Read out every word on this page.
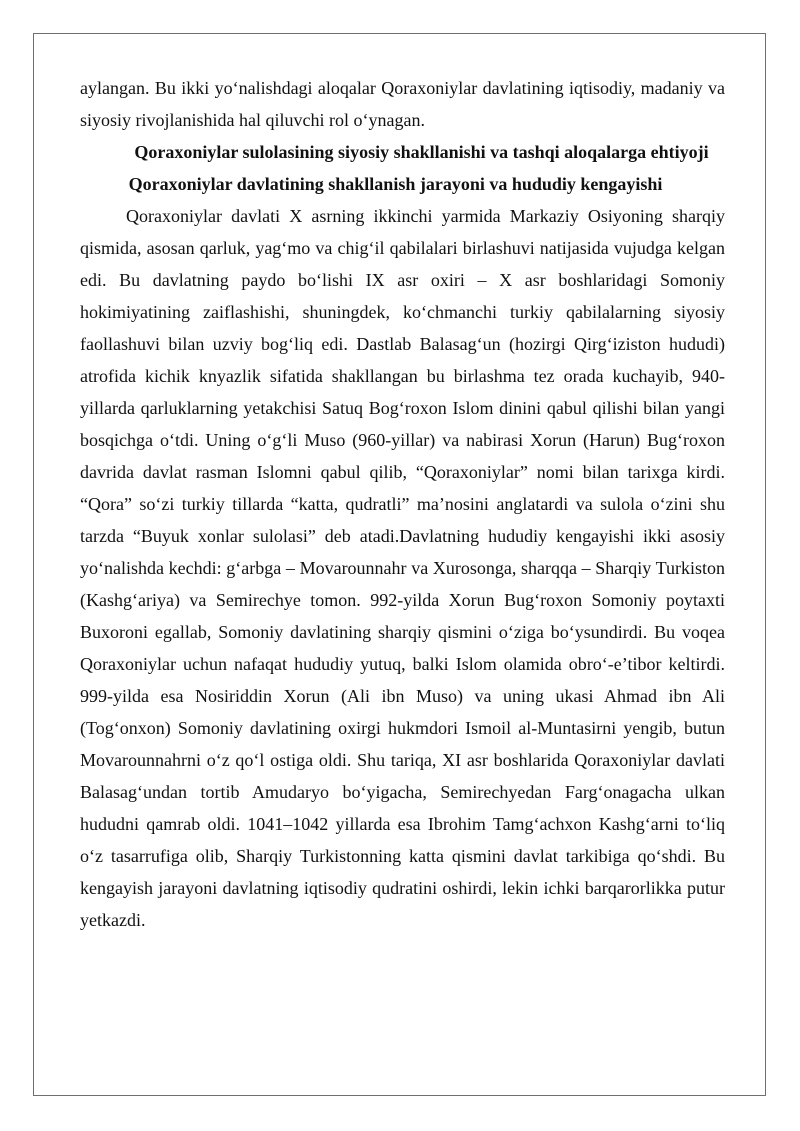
aylangan. Bu ikki yo‘nalishdagi aloqalar Qoraxoniylar davlatining iqtisodiy, madaniy va siyosiy rivojlanishida hal qiluvchi rol o‘ynagan.

Qoraxoniylar sulolasining siyosiy shakllanishi va tashqi aloqalarga ehtiyoji
Qoraxoniylar davlatining shakllanish jarayoni va hududiy kengayishi

Qoraxoniylar davlati X asrning ikkinchi yarmida Markaziy Osiyoning sharqiy qismida, asosan qarluk, yag‘mo va chig‘il qabilalari birlashuvi natijasida vujudga kelgan edi. Bu davlatning paydo bo‘lishi IX asr oxiri – X asr boshlaridagi Somoniy hokimiyatining zaiflashishi, shuningdek, ko‘chmanchi turkiy qabilalarning siyosiy faollashuvi bilan uzviy bog‘liq edi. Dastlab Balasag‘un (hozirgi Qirg‘iziston hududi) atrofida kichik knyazlik sifatida shakllangan bu birlashma tez orada kuchayib, 940-yillarda qarluklarning yetakchisi Satuq Bog‘roxon Islom dinini qabul qilishi bilan yangi bosqichga o‘tdi. Uning o‘g‘li Muso (960-yillar) va nabirasi Xorun (Harun) Bug‘roxon davrida davlat rasman Islomni qabul qilib, “Qoraxoniylar” nomi bilan tarixga kirdi. “Qora” so‘zi turkiy tillarda “katta, qudratli” ma’nosini anglatardi va sulola o‘zini shu tarzda “Buyuk xonlar sulolasi” deb atadi.Davlatning hududiy kengayishi ikki asosiy yo‘nalishda kechdi: g‘arbga – Movarounnahr va Xurosonga, sharqqa – Sharqiy Turkiston (Kashg‘ariya) va Semirechye tomon. 992-yilda Xorun Bug‘roxon Somoniy poytaxti Buxoroni egallab, Somoniy davlatining sharqiy qismini o‘ziga bo‘ysundirdi. Bu voqea Qoraxoniylar uchun nafaqat hududiy yutuq, balki Islom olamida obro‘-e’tibor keltirdi. 999-yilda esa Nosiriddin Xorun (Ali ibn Muso) va uning ukasi Ahmad ibn Ali (Tog‘onxon) Somoniy davlatining oxirgi hukmdori Ismoil al-Muntasirni yengib, butun Movarounnahrni o‘z qo‘l ostiga oldi. Shu tariqa, XI asr boshlarida Qoraxoniylar davlati Balasag‘undan tortib Amudaryo bo‘yigacha, Semirechyedan Farg‘onagacha ulkan hududni qamrab oldi. 1041–1042 yillarda esa Ibrohim Tamg‘achxon Kashg‘arni to‘liq o‘z tasarrufiga olib, Sharqiy Turkistonning katta qismini davlat tarkibiga qo‘shdi. Bu kengayish jarayoni davlatning iqtisodiy qudratini oshirdi, lekin ichki barqarorlikka putur yetkazdi.
